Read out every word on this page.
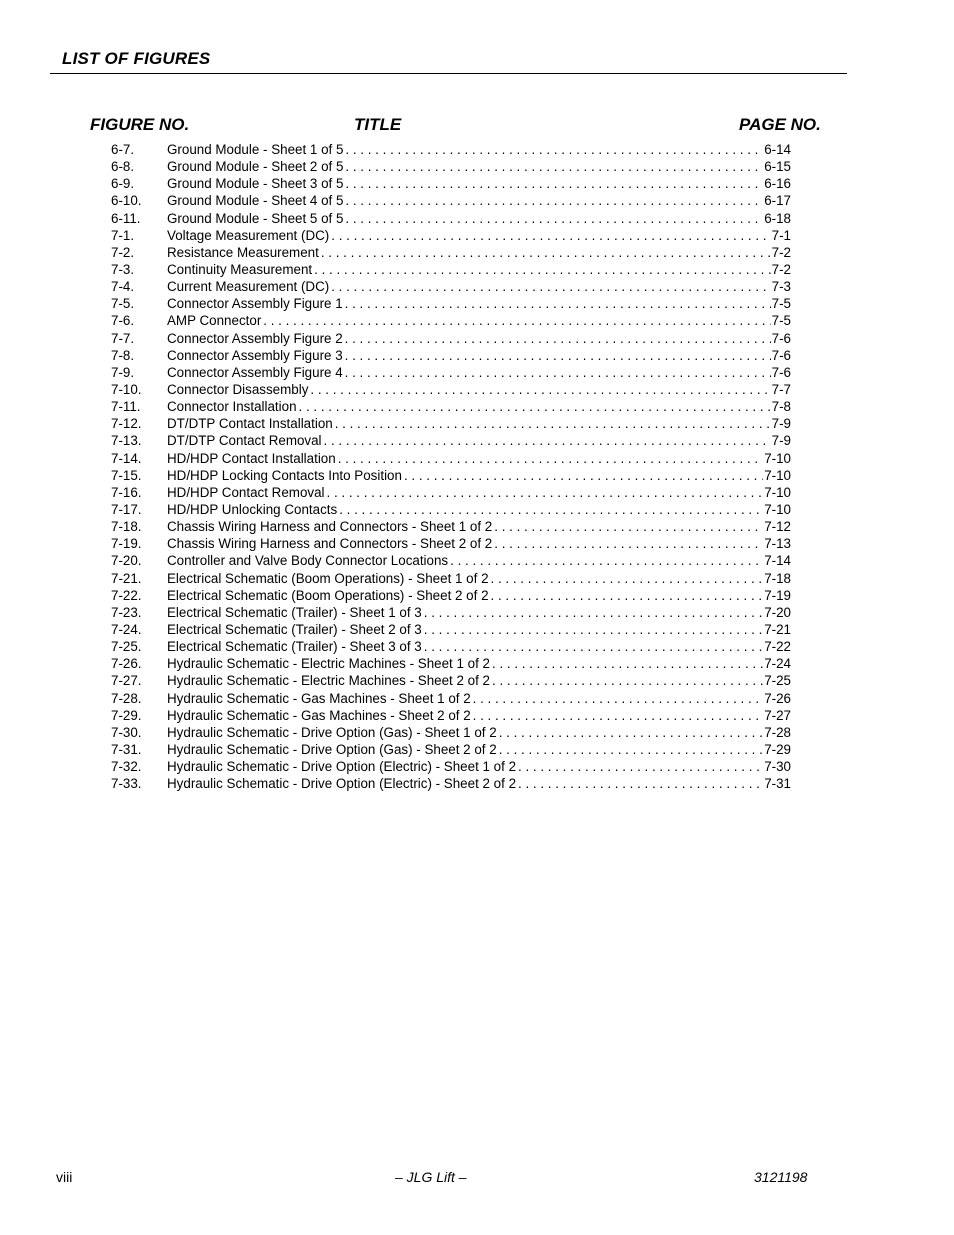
LIST OF FIGURES
FIGURE NO.	TITLE	PAGE NO.
6-7. Ground Module - Sheet 1 of 5 . . .	6-14
6-8. Ground Module - Sheet 2 of 5 . . .	6-15
6-9. Ground Module - Sheet 3 of 5 . . .	6-16
6-10. Ground Module - Sheet 4 of 5 . . .	6-17
6-11. Ground Module - Sheet 5 of 5 . . .	6-18
7-1. Voltage Measurement (DC) . . .	7-1
7-2. Resistance Measurement . . .	7-2
7-3. Continuity Measurement . . .	7-2
7-4. Current Measurement (DC) . . .	7-3
7-5. Connector Assembly Figure 1 . . .	7-5
7-6. AMP Connector . . .	7-5
7-7. Connector Assembly Figure 2 . . .	7-6
7-8. Connector Assembly Figure 3 . . .	7-6
7-9. Connector Assembly Figure 4 . . .	7-6
7-10. Connector Disassembly . . .	7-7
7-11. Connector Installation . . .	7-8
7-12. DT/DTP Contact Installation . . .	7-9
7-13. DT/DTP Contact Removal . . .	7-9
7-14. HD/HDP Contact Installation . . .	7-10
7-15. HD/HDP Locking Contacts Into Position . . .	7-10
7-16. HD/HDP Contact Removal . . .	7-10
7-17. HD/HDP Unlocking Contacts . . .	7-10
7-18. Chassis Wiring Harness and Connectors - Sheet 1 of 2 . . .	7-12
7-19. Chassis Wiring Harness and Connectors - Sheet 2 of 2 . . .	7-13
7-20. Controller and Valve Body Connector Locations . . .	7-14
7-21. Electrical Schematic (Boom Operations) - Sheet 1 of 2 . . .	7-18
7-22. Electrical Schematic (Boom Operations) - Sheet 2 of 2 . . .	7-19
7-23. Electrical Schematic (Trailer) - Sheet 1 of 3 . . .	7-20
7-24. Electrical Schematic (Trailer) - Sheet 2 of 3 . . .	7-21
7-25. Electrical Schematic (Trailer) - Sheet 3 of 3 . . .	7-22
7-26. Hydraulic Schematic - Electric Machines - Sheet 1 of 2 . . .	7-24
7-27. Hydraulic Schematic - Electric Machines - Sheet 2 of 2 . . .	7-25
7-28. Hydraulic Schematic - Gas Machines - Sheet 1 of 2 . . .	7-26
7-29. Hydraulic Schematic - Gas Machines - Sheet 2 of 2 . . .	7-27
7-30. Hydraulic Schematic - Drive Option (Gas) - Sheet 1 of 2 . . .	7-28
7-31. Hydraulic Schematic - Drive Option (Gas) - Sheet 2 of 2 . . .	7-29
7-32. Hydraulic Schematic - Drive Option (Electric) - Sheet 1 of 2 . . .	7-30
7-33. Hydraulic Schematic - Drive Option (Electric) - Sheet 2 of 2 . . .	7-31
viii	– JLG Lift –	3121198
